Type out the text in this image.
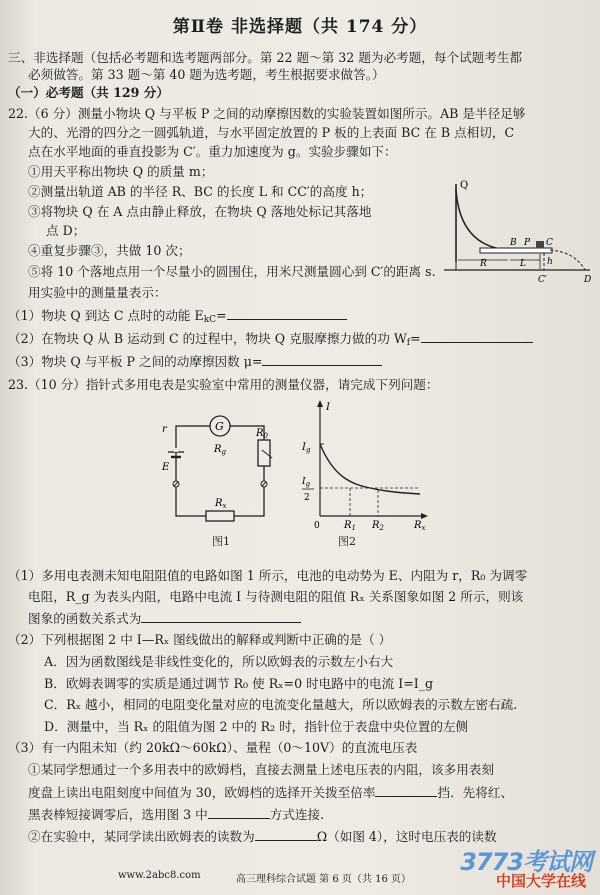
第Ⅱ卷 非选择题（共 174 分）
三、非选择题（包括必考题和选考题两部分。第 22 题～第 32 题为必考题，每个试题考生都
必须做答。第 33 题～第 40 题为选考题，考生根据要求做答。）
（一）必考题（共 129 分）
22.（6 分）测量小物块 Q 与平板 P 之间的动摩擦因数的实验装置如图所示。AB 是半径足够
大的、光滑的四分之一圆弧轨道，与水平固定放置的 P 板的上表面 BC 在 B 点相切，C
点在水平地面的垂直投影为 C′。重力加速度为 g。实验步骤如下：
①用天平称出物块 Q 的质量 m；
②测量出轨道 AB 的半径 R、BC 的长度 L 和 CC′的高度 h；
③将物块 Q 在 A 点由静止释放，在物块 Q 落地处标记其落地
点 D；
④重复步骤③，共做 10 次；
⑤将 10 个落地点用一个尽量小的圆围住，用米尺测量圆心到 C′的距离 s.
用实验中的测量量表示：
（1）物块 Q 到达 C 点时的动能 $E_{kC}=$
（2）在物块 Q 从 B 运动到 C 的过程中，物块 Q 克服摩擦力做的功 $W_f=$
（3）物块 Q 与平板 P 之间的动摩擦因数 μ=
Q
B P C
R	L h
C′	D
23.（10 分）指针式多用电表是实验室中常用的测量仪器，请完成下列问题：
G
$R_g$
r
E
$R_0$
$R_x$
图1
I
$I_g$
$I_g$
2
0 $R_1$ $R_2$	$R_x$
图2
（1）多用电表测未知电阻阻值的电路如图 1 所示，电池的电动势为 E、内阻为 r，R₀ 为调零
电阻，R_g 为表头内阻，电路中电流 I 与待测电阻的阻值 Rₓ 关系图象如图 2 所示，则该
图象的函数关系式为
（2）下列根据图 2 中 I—Rₓ 图线做出的解释或判断中正确的是（ ）
A．因为函数图线是非线性变化的，所以欧姆表的示数左小右大
B．欧姆表调零的实质是通过调节 R₀ 使 Rₓ=0 时电路中的电流 I=I_g
C．Rₓ 越小，相同的电阻变化量对应的电流变化量越大，所以欧姆表的示数左密右疏.
D．测量中，当 Rₓ 的阻值为图 2 中的 R₂ 时，指针位于表盘中央位置的左侧
（3）有一内阻未知（约 20kΩ～60kΩ）、量程（0～10V）的直流电压表
①某同学想通过一个多用表中的欧姆档，直接去测量上述电压表的内阻，该多用表刻
度盘上读出电阻刻度中间值为 30，欧姆档的选择开关拨至倍率	挡．先将红、
黑表棒短接调零后，选用图 3 中	方式连接.
②在实验中，某同学读出欧姆表的读数为	Ω（如图 4），这时电压表的读数
www.2abc8.com	高三理科综合试题 第 6 页（共 16 页）
3773考试网
中国大学在线
